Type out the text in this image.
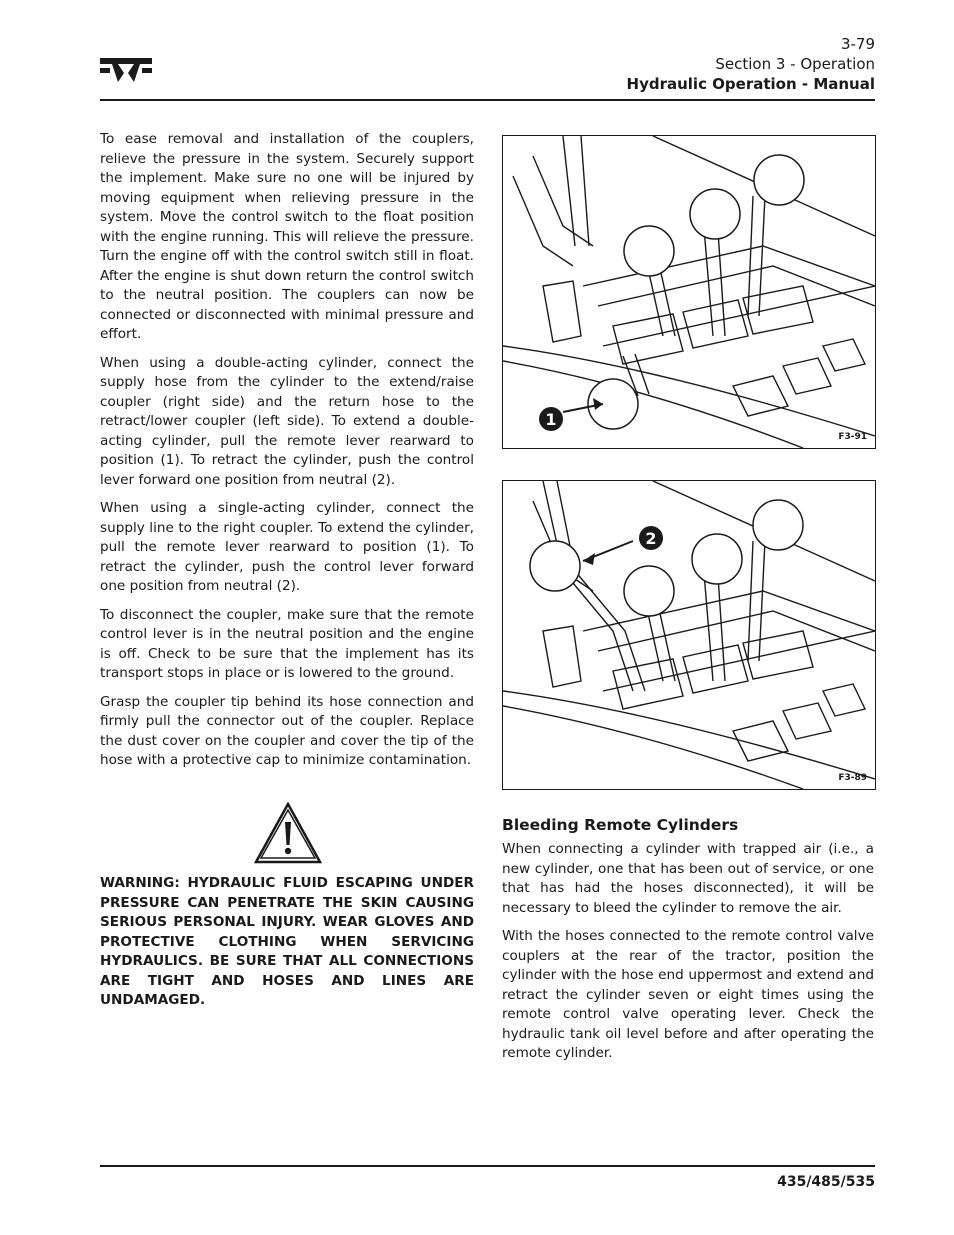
3-79
Section 3 - Operation
Hydraulic Operation - Manual

To ease removal and installation of the couplers, relieve the pressure in the system. Securely support the implement. Make sure no one will be injured by moving equipment when relieving pressure in the system. Move the control switch to the float position with the engine running. This will relieve the pressure. Turn the engine off with the control switch still in float. After the engine is shut down return the control switch to the neutral position. The couplers can now be connected or disconnected with minimal pressure and effort.

When using a double-acting cylinder, connect the supply hose from the cylinder to the extend/raise coupler (right side) and the return hose to the retract/lower coupler (left side). To extend a double-acting cylinder, pull the remote lever rearward to position (1). To retract the cylinder, push the control lever forward one position from neutral (2).

When using a single-acting cylinder, connect the supply line to the right coupler. To extend the cylinder, pull the remote lever rearward to position (1). To retract the cylinder, push the control lever forward one position from neutral (2).

To disconnect the coupler, make sure that the remote control lever is in the neutral position and the engine is off. Check to be sure that the implement has its transport stops in place or is lowered to the ground.

Grasp the coupler tip behind its hose connection and firmly pull the connector out of the coupler. Replace the dust cover on the coupler and cover the tip of the hose with a protective cap to minimize contamination.

1
F3-91
2
F3-89

WARNING: HYDRAULIC FLUID ESCAPING UNDER PRESSURE CAN PENETRATE THE SKIN CAUSING SERIOUS PERSONAL INJURY. WEAR GLOVES AND PROTECTIVE CLOTHING WHEN SERVICING HYDRAULICS. BE SURE THAT ALL CONNECTIONS ARE TIGHT AND HOSES AND LINES ARE UNDAMAGED.

Bleeding Remote Cylinders

When connecting a cylinder with trapped air (i.e., a new cylinder, one that has been out of service, or one that has had the hoses disconnected), it will be necessary to bleed the cylinder to remove the air.

With the hoses connected to the remote control valve couplers at the rear of the tractor, position the cylinder with the hose end uppermost and extend and retract the cylinder seven or eight times using the remote control valve operating lever. Check the hydraulic tank oil level before and after operating the remote cylinder.

435/485/535
